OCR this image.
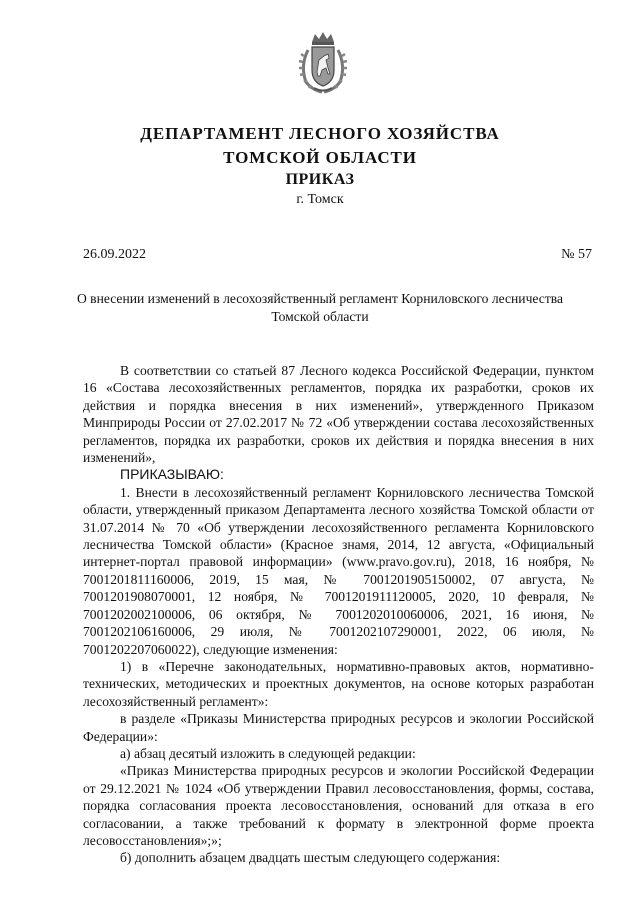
ДЕПАРТАМЕНТ ЛЕСНОГО ХОЗЯЙСТВА
ТОМСКОЙ ОБЛАСТИ
ПРИКАЗ
г. Томск
26.09.2022	№ 57
О внесении изменений в лесохозяйственный регламент Корниловского лесничества Томской области

В соответствии со статьей 87 Лесного кодекса Российской Федерации, пунктом 16 «Состава лесохозяйственных регламентов, порядка их разработки, сроков их действия и порядка внесения в них изменений», утвержденного Приказом Минприроды России от 27.02.2017 № 72 «Об утверждении состава лесохозяйственных регламентов, порядка их разработки, сроков их действия и порядка внесения в них изменений»,

ПРИКАЗЫВАЮ:

1. Внести в лесохозяйственный регламент Корниловского лесничества Томской области, утвержденный приказом Департамента лесного хозяйства Томской области от 31.07.2014 № 70 «Об утверждении лесохозяйственного регламента Корниловского лесничества Томской области» (Красное знамя, 2014, 12 августа, «Официальный интернет-портал правовой информации» (www.pravo.gov.ru), 2018, 16 ноября, № 7001201811160006, 2019, 15 мая, № 7001201905150002, 07 августа, № 7001201908070001, 12 ноября, № 7001201911120005, 2020, 10 февраля, № 7001202002100006, 06 октября, № 7001202010060006, 2021, 16 июня, № 7001202106160006, 29 июля, № 7001202107290001, 2022, 06 июля, № 7001202207060022), следующие изменения:

1) в «Перечне законодательных, нормативно-правовых актов, нормативно-технических, методических и проектных документов, на основе которых разработан лесохозяйственный регламент»:

в разделе «Приказы Министерства природных ресурсов и экологии Российской Федерации»:

а) абзац десятый изложить в следующей редакции:

«Приказ Министерства природных ресурсов и экологии Российской Федерации от 29.12.2021 № 1024 «Об утверждении Правил лесовосстановления, формы, состава, порядка согласования проекта лесовосстановления, оснований для отказа в его согласовании, а также требований к формату в электронной форме проекта лесовосстановления»;»;

б) дополнить абзацем двадцать шестым следующего содержания:
